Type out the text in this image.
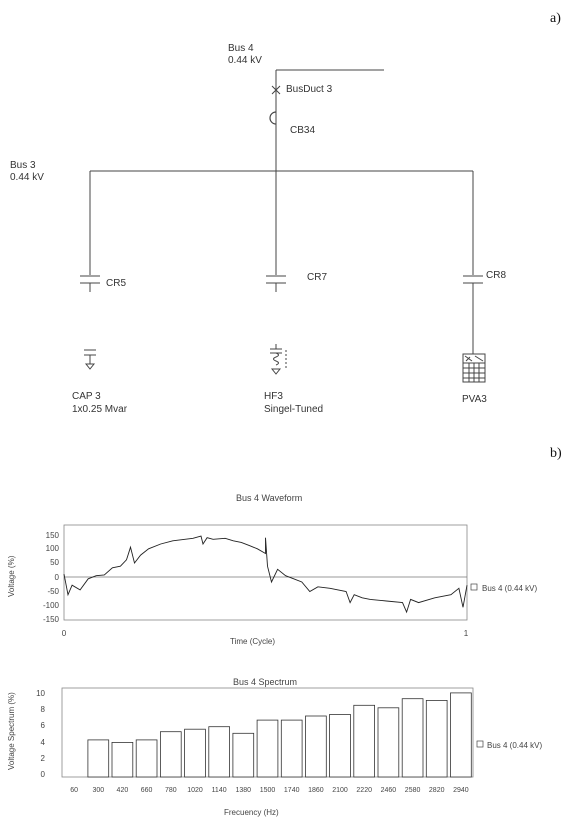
a)
Bus 4
0.44 kV
BusDuct 3
CB34
Bus 3
0.44 kV
CR5
CAP 3
1x0.25 Mvar
CR7
HF3
Singel-Tuned
CR8
PVA3
b)
Bus 4 Waveform
150
100
50
0
-50
-100
-150
0	1
Time (Cycle)
Voltage (%)	Bus 4 (0.44 kV)
Bus 4 Spectrum
10
8
6
4
2
0
60 300 420 660 780 1020 1140 1380 1500 1740 1860 2100 2220 2460 2580 2820 2940
Frecuency (Hz)
Voltage Spectrum (%)	Bus 4 (0.44 kV)
